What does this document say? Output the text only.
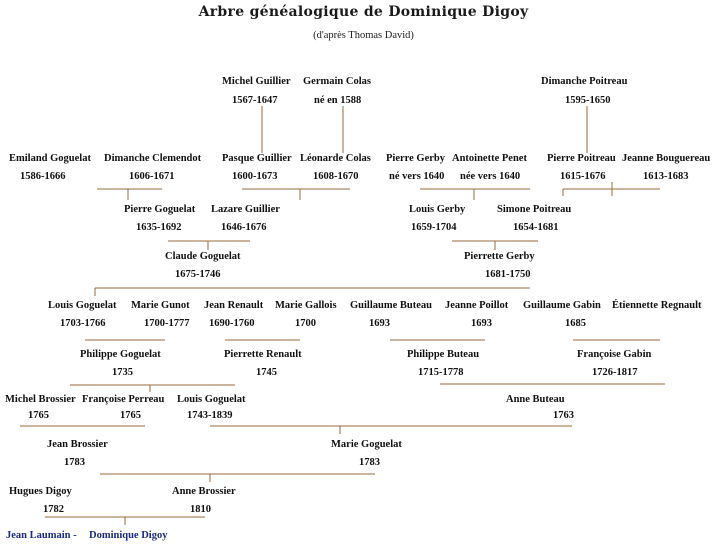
Arbre généalogique de Dominique Digoy
(d'après Thomas David)
Michel Guillier
1567-1647
Germain Colas
né en 1588
Dimanche Poitreau
1595-1650
Emiland Goguelat
1586-1666
Dimanche Clemendot
1606-1671
Pasque Guillier
1600-1673
Léonarde Colas
1608-1670
Pierre Gerby
né vers 1640
Antoinette Penet
née vers 1640
Pierre Poitreau
1615-1676
Jeanne Bouguereau
1613-1683
Pierre Goguelat
1635-1692
Lazare Guillier
1646-1676
Louis Gerby
1659-1704
Simone Poitreau
1654-1681
Claude Goguelat
1675-1746
Pierrette Gerby
1681-1750
Louis Goguelat
1703-1766
Marie Gunot
1700-1777
Jean Renault
1690-1760
Marie Gallois
1700
Guillaume Buteau
1693
Jeanne Poillot
1693
Guillaume Gabin
1685
Étiennette Regnault
Philippe Goguelat
1735
Pierrette Renault
1745
Philippe Buteau
1715-1778
Françoise Gabin
1726-1817
Michel Brossier
1765
Françoise Perreau
1765
Louis Goguelat
1743-1839
Anne Buteau
1763
Jean Brossier
1783
Marie Goguelat
1783
Hugues Digoy
1782
Anne Brossier
1810
Jean Laumain - Dominique Digoy
